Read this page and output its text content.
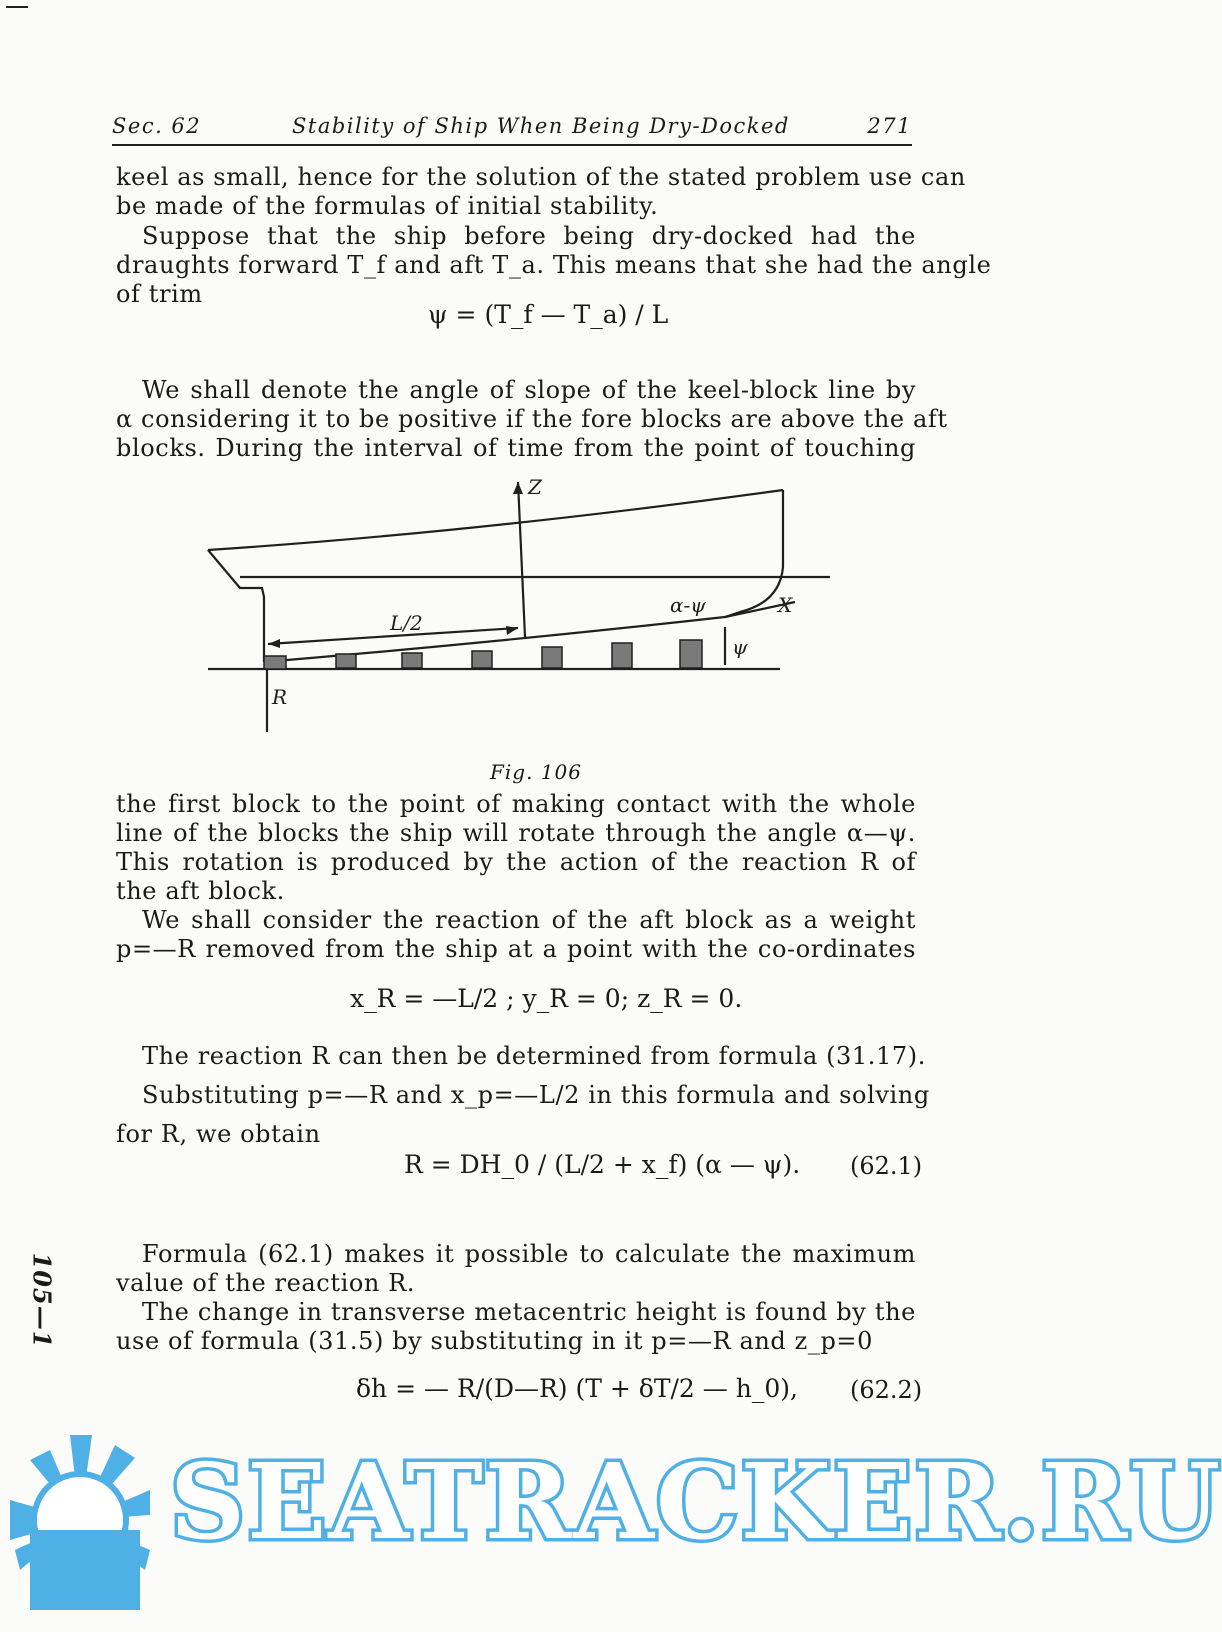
Sec. 62	Stability of Ship When Being Dry-Docked	271
keel as small, hence for the solution of the stated problem use can
be made of the formulas of initial stability.
Suppose that the ship before being dry-docked had the
draughts forward T_f and aft T_a. This means that she had the angle
of trim
ψ = (T_f — T_a) / L
We shall denote the angle of slope of the keel-block line by
α considering it to be positive if the fore blocks are above the aft
blocks. During the interval of time from the point of touching
Z
X
L/2
α-ψ
ψ
R
Fig. 106
the first block to the point of making contact with the whole
line of the blocks the ship will rotate through the angle α—ψ.
This rotation is produced by the action of the reaction R of
the aft block.
We shall consider the reaction of the aft block as a weight
p=—R removed from the ship at a point with the co-ordinates
x_R = —L/2 ; y_R = 0; z_R = 0.
The reaction R can then be determined from formula (31.17).
Substituting p=—R and x_p=—L/2 in this formula and solving
for R, we obtain
R = DH_0 / (L/2 + x_f) (α — ψ). (62.1)
Formula (62.1) makes it possible to calculate the maximum
value of the reaction R.
The change in transverse metacentric height is found by the
use of formula (31.5) by substituting in it p=—R and z_p=0
δh = — R/(D—R) (T + δT/2 — h_0), (62.2)
105—1
SEATRACKER.RU
